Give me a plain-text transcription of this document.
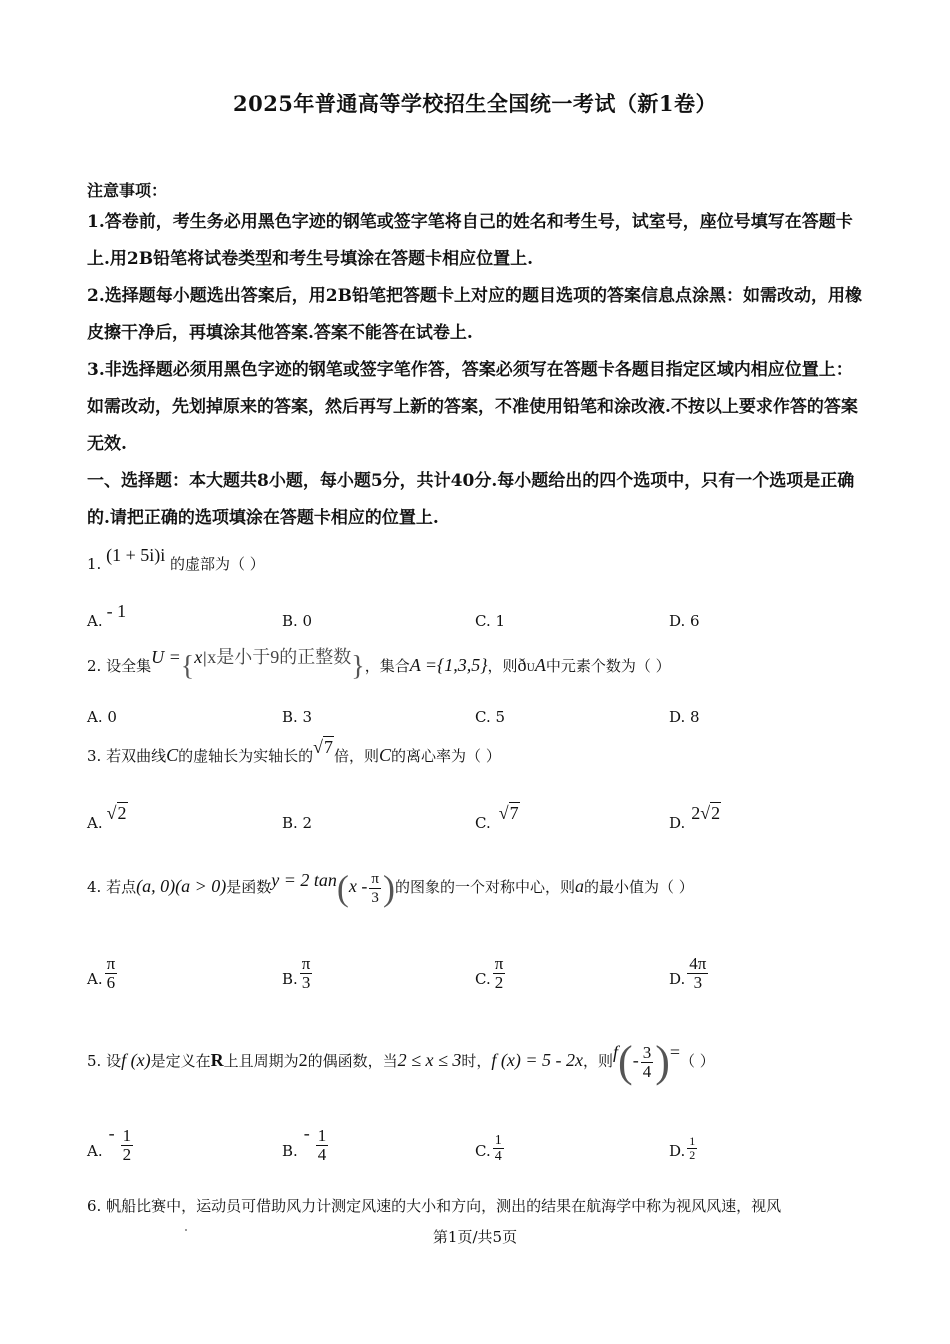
2025年普通高等学校招生全国统一考试（新1卷）
注意事项：

1.答卷前，考生务必用黑色字迹的钢笔或签字笔将自己的姓名和考生号，试室号，座位号填写在答题卡上.用2B铅笔将试卷类型和考生号填涂在答题卡相应位置上.

2.选择题每小题选出答案后，用2B铅笔把答题卡上对应的题目选项的答案信息点涂黑：如需改动，用橡皮擦干净后，再填涂其他答案.答案不能答在试卷上.

3.非选择题必须用黑色字迹的钢笔或签字笔作答，答案必须写在答题卡各题目指定区域内相应位置上：如需改动，先划掉原来的答案，然后再写上新的答案，不准使用铅笔和涂改液.不按以上要求作答的答案无效.

一、选择题：本大题共8小题，每小题5分，共计40分.每小题给出的四个选项中，只有一个选项是正确的.请把正确的选项填涂在答题卡相应的位置上.

1. (1 + 5i)i 的虚部为（ ）
A. - 1	B. 0	C. 1	D. 6
2. 设全集U ={x|x是小于9的正整数}，集合A ={1,3,5}，则ðUA中元素个数为（ ）
A. 0	B. 3	C. 5	D. 8
3. 若双曲线C的虚轴长为实轴长的√7倍，则C的离心率为（ ）
A. √2	B. 2	C. √7	D. 2√2
4. 若点(a, 0)(a > 0)是函数y = 2 $\tan(x - \frac{\pi}{3}$ )的图象的一个对称中心，则a的最小值为（ ）
A. $\frac{\pi}{6}$	B. $\frac{\pi}{3}$	C. $\frac{\pi}{2}$	D. $\frac{4\pi}{3}$
5. 设f (x)是定义在R上且周期为2的偶函数，当2 ≤ x ≤ 3时，f (x) = 5 - 2x，则$f(- \frac{3}{4}$ )=（ ）
A.
- $\frac{1}{2}$	B.
- $\frac{1}{4}$	C. $\frac{1}{4}$	D. $\frac{1}{2}$
6. 帆船比赛中，运动员可借助风力计测定风速的大小和方向，测出的结果在航海学中称为视风风速，视风
第1页/共5页
